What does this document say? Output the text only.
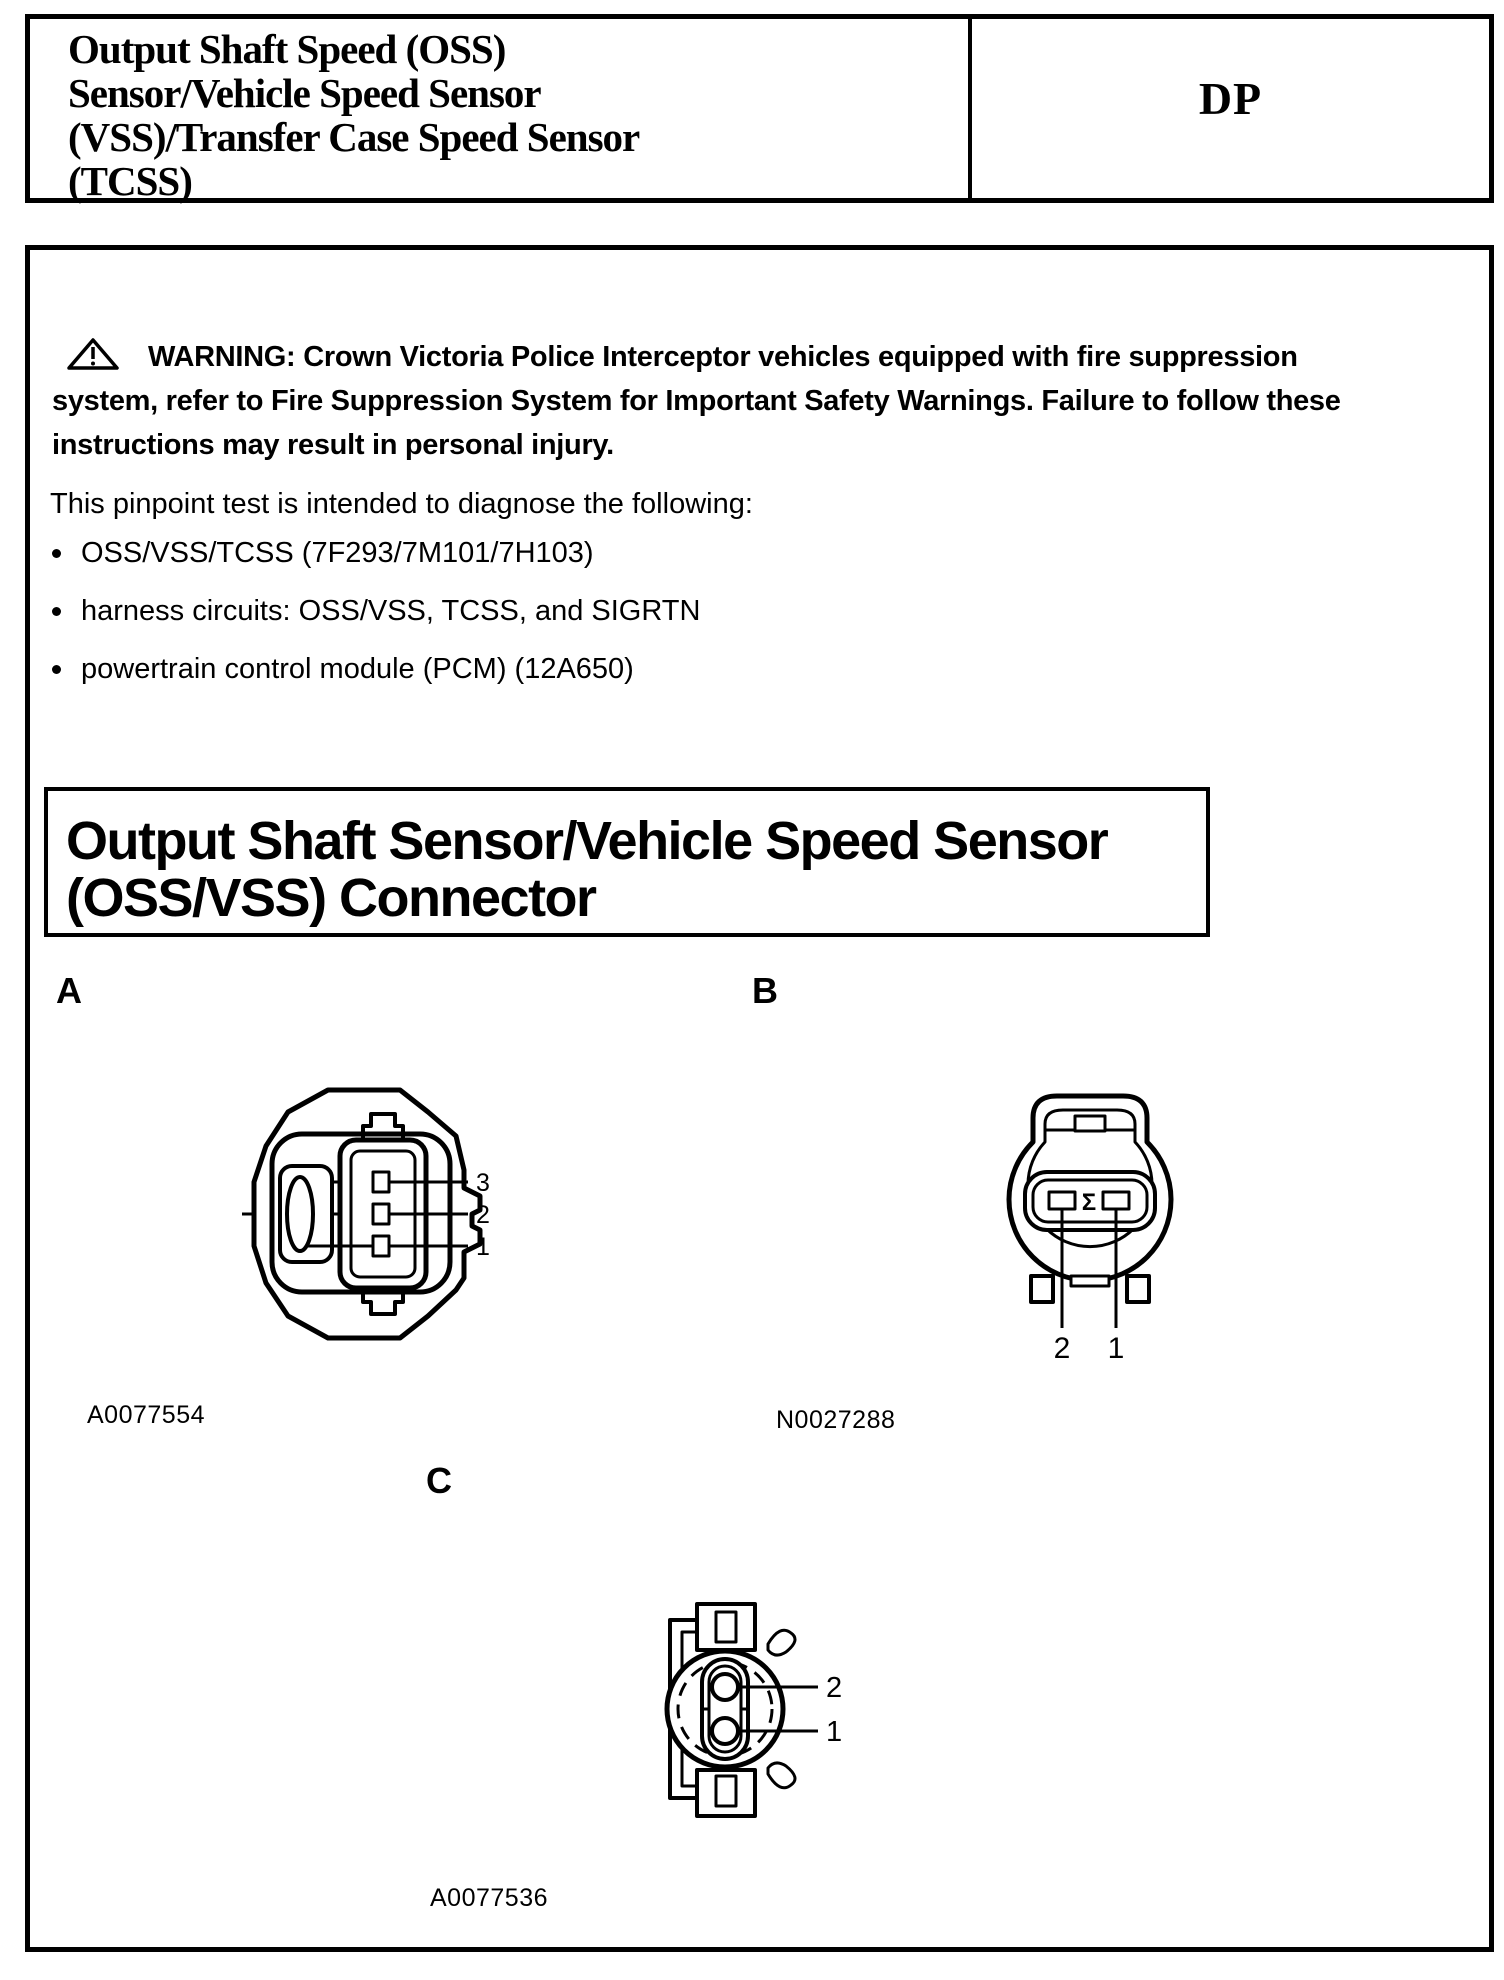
Output Shaft Speed (OSS)
Sensor/Vehicle Speed Sensor
(VSS)/Transfer Case Speed Sensor
(TCSS)
DP
WARNING: Crown Victoria Police Interceptor vehicles equipped with fire suppression
system, refer to Fire Suppression System for Important Safety Warnings. Failure to follow these
instructions may result in personal injury.
This pinpoint test is intended to diagnose the following:
OSS/VSS/TCSS (7F293/7M101/7H103)
harness circuits: OSS/VSS, TCSS, and SIGRTN
powertrain control module (PCM) (12A650)
Output Shaft Sensor/Vehicle Speed Sensor
(OSS/VSS) Connector
A	B
C
3
2
1
A0077554
Σ
2 1
N0027288
2
1
A0077536
